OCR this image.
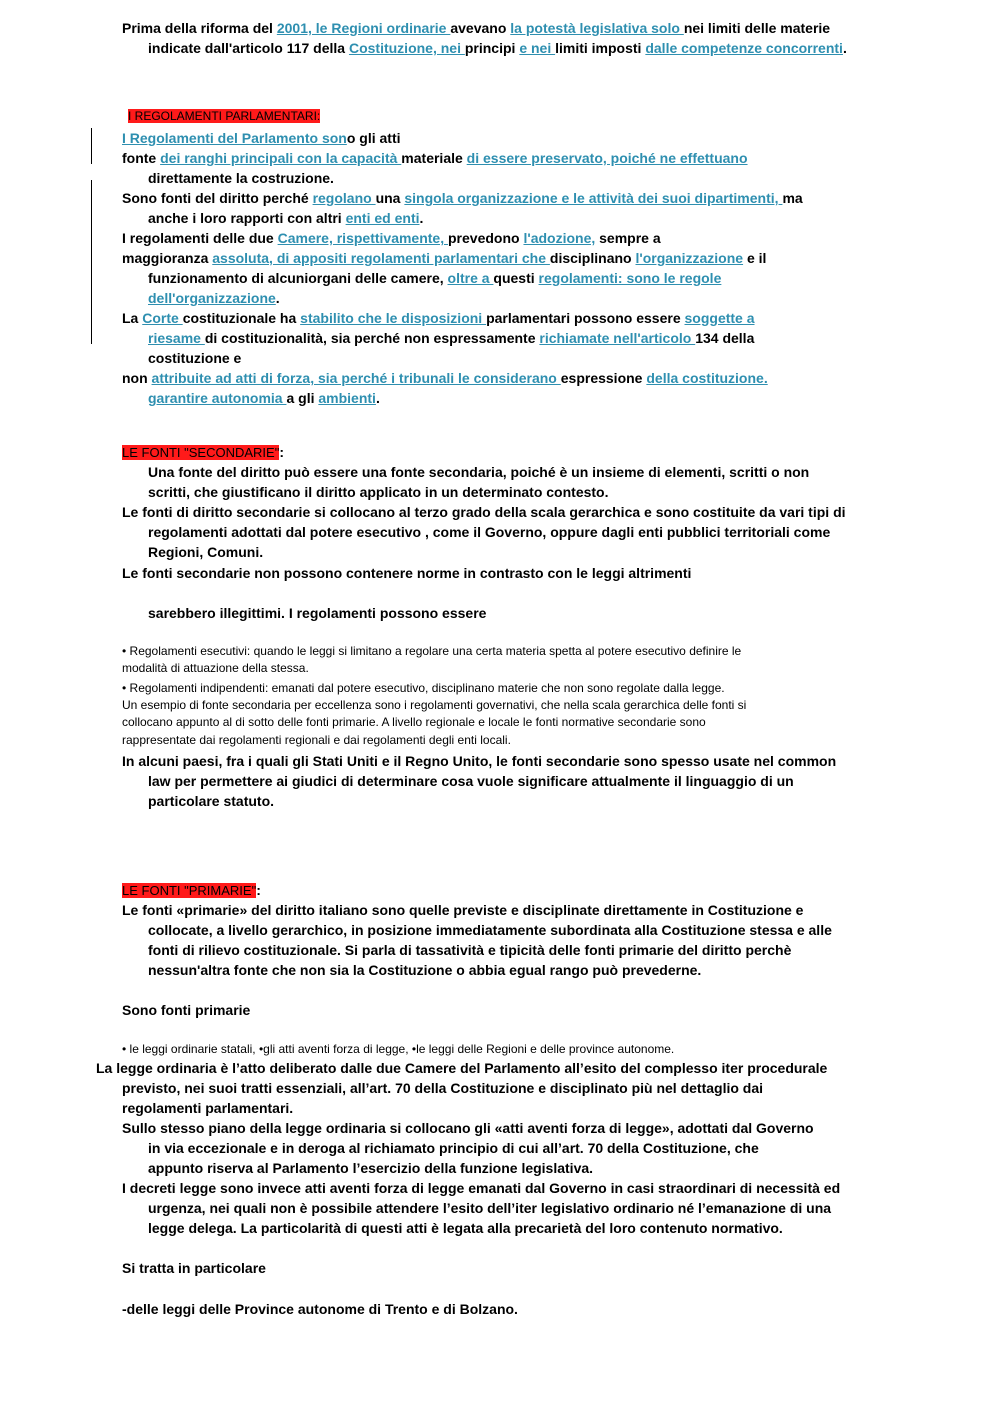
Prima della riforma del 2001, le Regioni ordinarie avevano la potestà legislativa solo nei limiti delle materie
indicate dall'articolo 117 della Costituzione, nei principi e nei limiti imposti dalle competenze concorrenti.
I REGOLAMENTI PARLAMENTARI:
I Regolamenti del Parlamento sono gli atti
fonte dei ranghi principali con la capacità materiale di essere preservato, poiché ne effettuano
direttamente la costruzione.
Sono fonti del diritto perché regolano una singola organizzazione e le attività dei suoi dipartimenti, ma
anche i loro rapporti con altri enti ed enti.
I regolamenti delle due Camere, rispettivamente, prevedono l'adozione, sempre a
maggioranza assoluta, di appositi regolamenti parlamentari che disciplinano l'organizzazione e il
funzionamento di alcuniorgani delle camere, oltre a questi regolamenti: sono le regole
dell'organizzazione.
La Corte costituzionale ha stabilito che le disposizioni parlamentari possono essere soggette a
riesame di costituzionalità, sia perché non espressamente richiamate nell'articolo 134 della
costituzione e
non attribuite ad atti di forza, sia perché i tribunali le considerano espressione della costituzione.
garantire autonomia a gli ambienti.
LE FONTI "SECONDARIE":
Una fonte del diritto può essere una fonte secondaria, poiché è un insieme di elementi, scritti o non
scritti, che giustificano il diritto applicato in un determinato contesto.
Le fonti di diritto secondarie si collocano al terzo grado della scala gerarchica e sono costituite da vari tipi di
regolamenti adottati dal potere esecutivo , come il Governo, oppure dagli enti pubblici territoriali come
Regioni, Comuni.
Le fonti secondarie non possono contenere norme in contrasto con le leggi altrimenti
sarebbero illegittimi. I regolamenti possono essere
• Regolamenti esecutivi: quando le leggi si limitano a regolare una certa materia spetta al potere esecutivo definire le
modalità di attuazione della stessa.
• Regolamenti indipendenti: emanati dal potere esecutivo, disciplinano materie che non sono regolate dalla legge.
Un esempio di fonte secondaria per eccellenza sono i regolamenti governativi, che nella scala gerarchica delle fonti si
collocano appunto al di sotto delle fonti primarie. A livello regionale e locale le fonti normative secondarie sono
rappresentate dai regolamenti regionali e dai regolamenti degli enti locali.
In alcuni paesi, fra i quali gli Stati Uniti e il Regno Unito, le fonti secondarie sono spesso usate nel common
law per permettere ai giudici di determinare cosa vuole significare attualmente il linguaggio di un
particolare statuto.
LE FONTI "PRIMARIE":
Le fonti «primarie» del diritto italiano sono quelle previste e disciplinate direttamente in Costituzione e
collocate, a livello gerarchico, in posizione immediatamente subordinata alla Costituzione stessa e alle
fonti di rilievo costituzionale. Si parla di tassatività e tipicità delle fonti primarie del diritto perchè
nessun'altra fonte che non sia la Costituzione o abbia egual rango può prevederne.
Sono fonti primarie
• le leggi ordinarie statali, •gli atti aventi forza di legge, •le leggi delle Regioni e delle province autonome.
La legge ordinaria è l’atto deliberato dalle due Camere del Parlamento all’esito del complesso iter procedurale
previsto, nei suoi tratti essenziali, all’art. 70 della Costituzione e disciplinato più nel dettaglio dai
regolamenti parlamentari.
Sullo stesso piano della legge ordinaria si collocano gli «atti aventi forza di legge», adottati dal Governo
in via eccezionale e in deroga al richiamato principio di cui all’art. 70 della Costituzione, che
appunto riserva al Parlamento l’esercizio della funzione legislativa.
I decreti legge sono invece atti aventi forza di legge emanati dal Governo in casi straordinari di necessità ed
urgenza, nei quali non è possibile attendere l’esito dell’iter legislativo ordinario né l’emanazione di una
legge delega. La particolarità di questi atti è legata alla precarietà del loro contenuto normativo.
Si tratta in particolare
-delle leggi delle Province autonome di Trento e di Bolzano.
